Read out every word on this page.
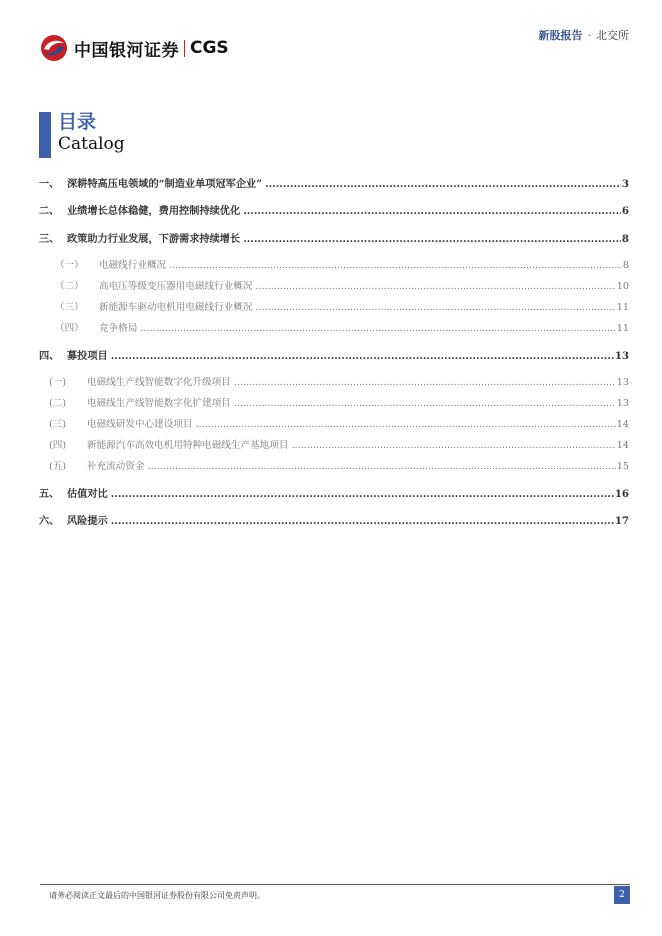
中国银河证券 CGS
新股报告 · 北交所
目录
Catalog
一、 深耕特高压电领域的“制造业单项冠军企业” .....	3
二、 业绩增长总体稳健，费用控制持续优化 .....	6
三、 政策助力行业发展，下游需求持续增长 .....	8
（一）	电磁线行业概况 .....	8
（二）	高电压等级变压器用电磁线行业概况 .....	10
（三）	新能源车驱动电机用电磁线行业概况 .....	11
（四）	竞争格局 .....	11
四、 募投项目 .....	13
(一)	电磁线生产线智能数字化升级项目 .....	13
(二)	电磁线生产线智能数字化扩建项目 .....	13
(三)	电磁线研发中心建设项目 .....	14
(四)	新能源汽车高效电机用特种电磁线生产基地项目 .....	14
(五)	补充流动资金 .....	15
五、 估值对比 .....	16
六、 风险提示 .....	17
请务必阅读正文最后的中国银河证券股份有限公司免责声明。	2
